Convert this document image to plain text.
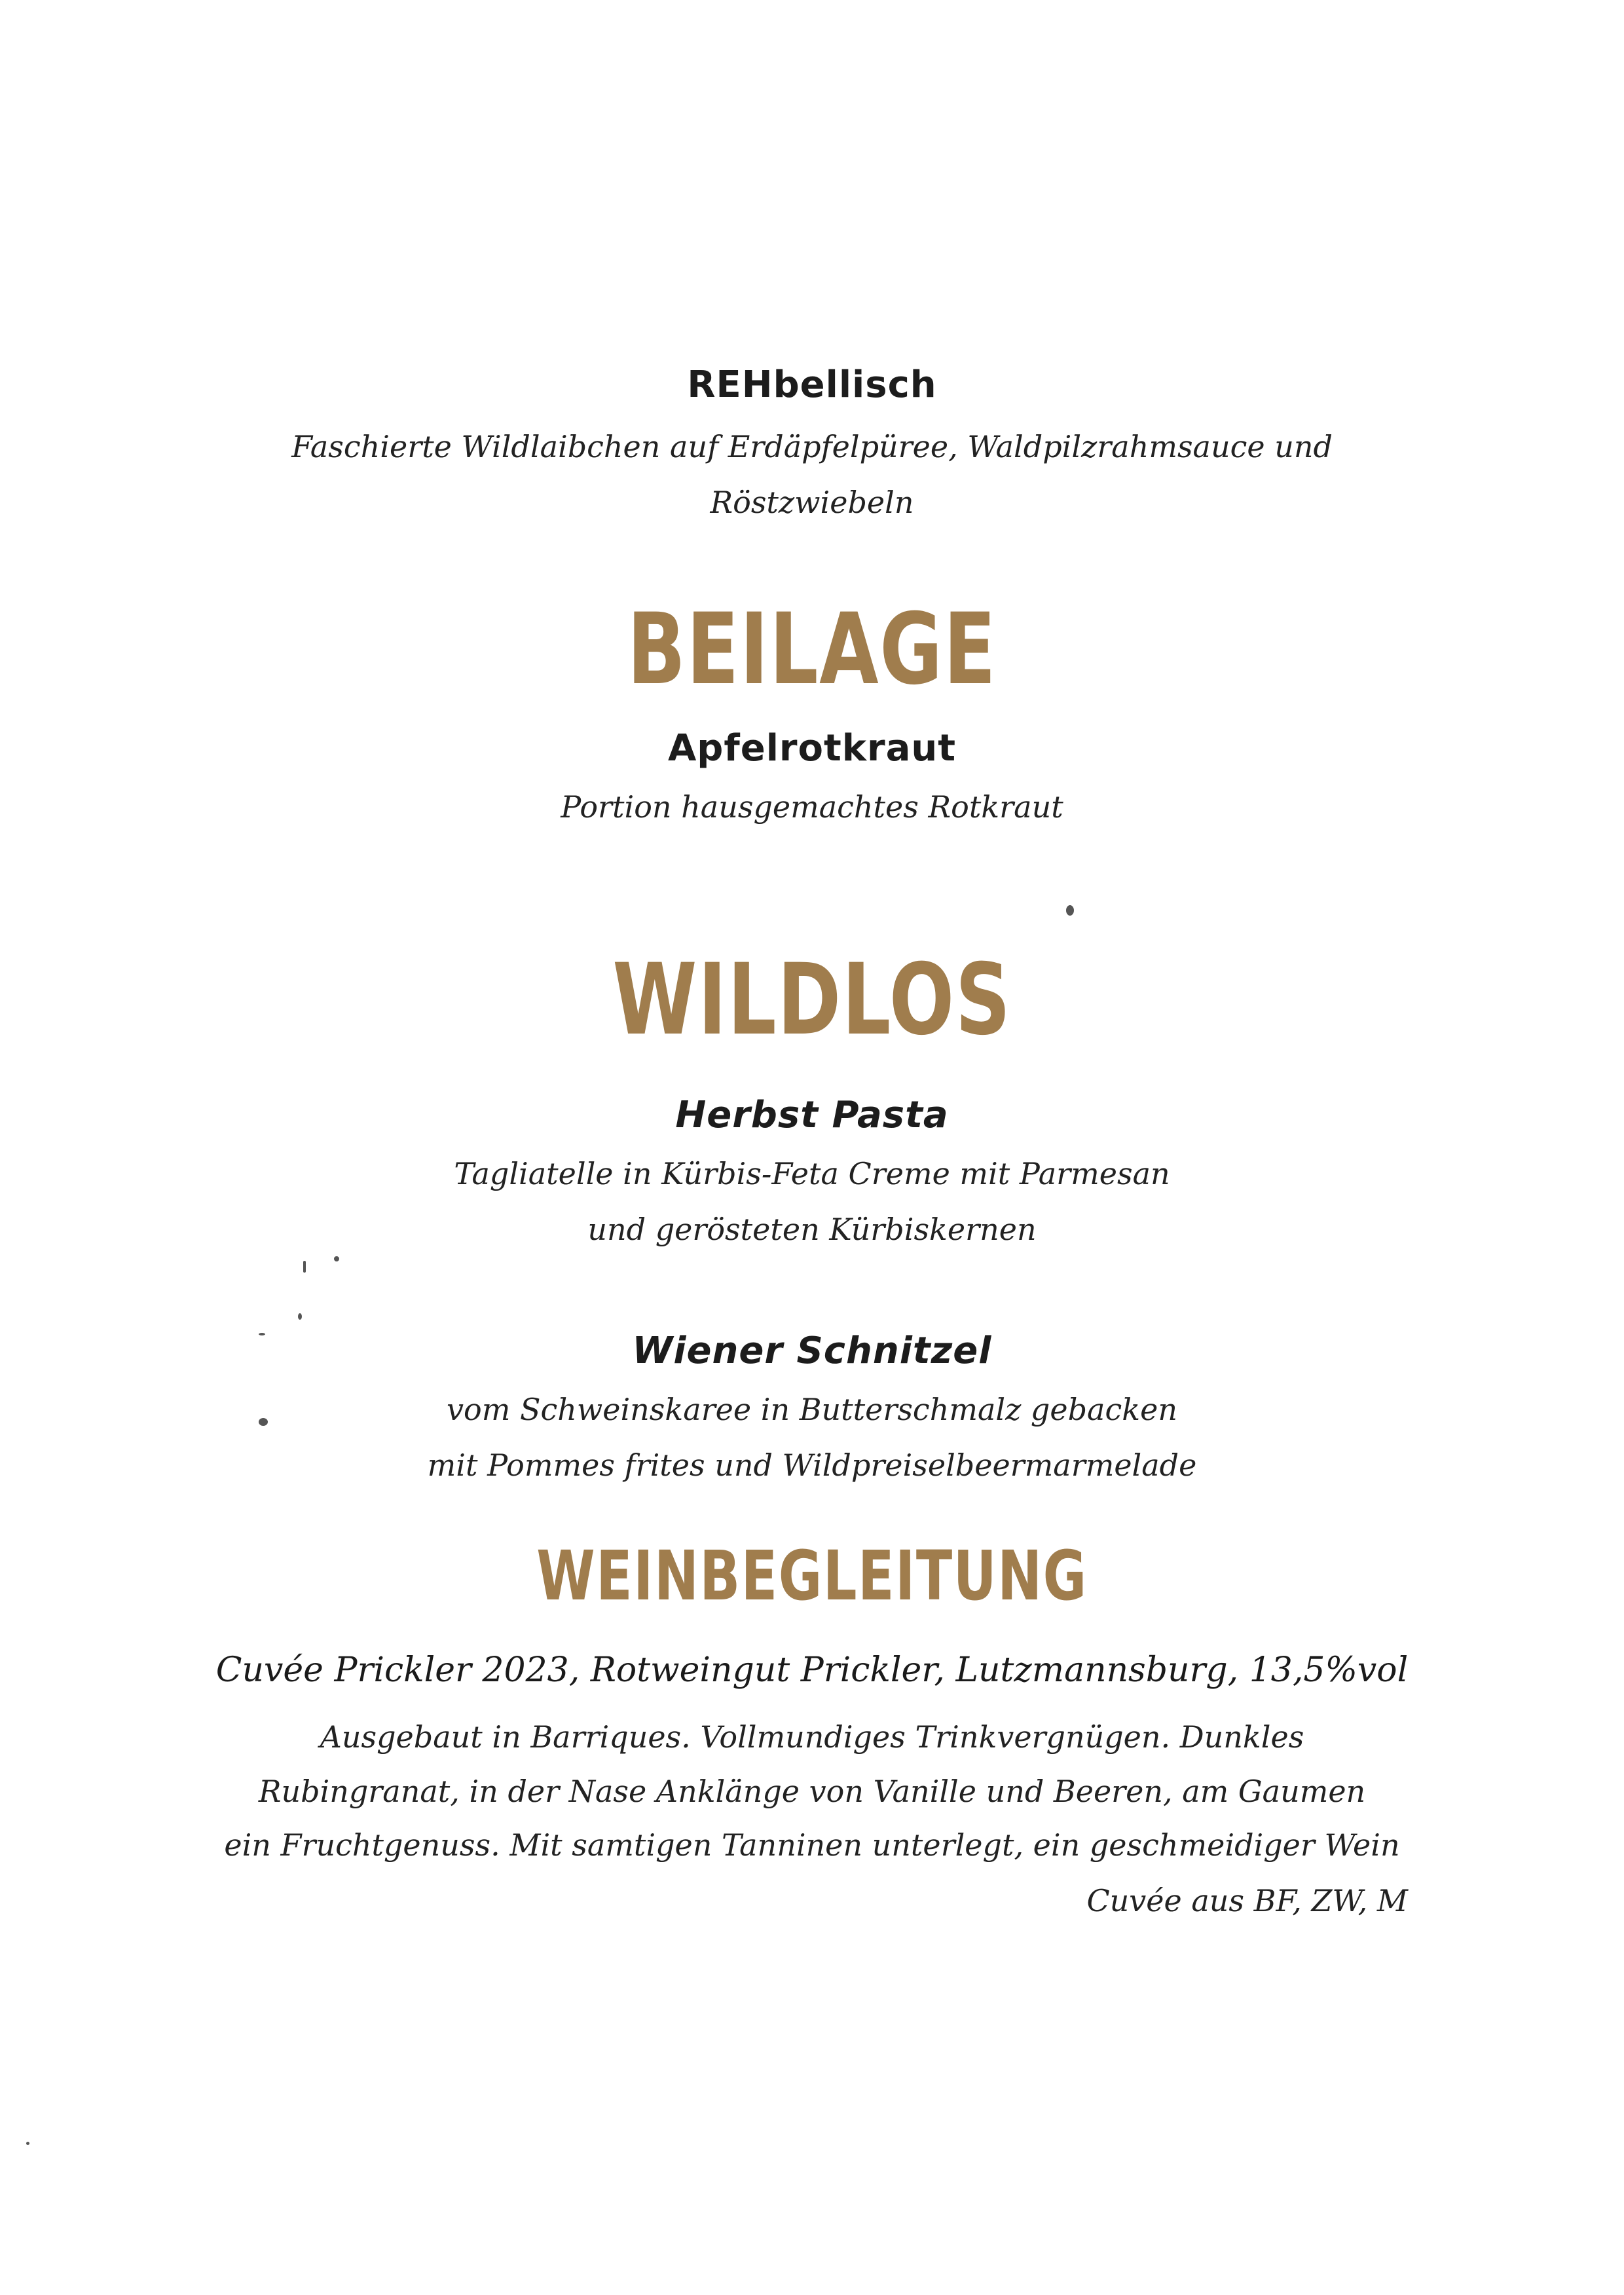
REHbellisch
Faschierte Wildlaibchen auf Erdäpfelpüree, Waldpilzrahmsauce und
Röstzwiebeln
BEILAGE
Apfelrotkraut
Portion hausgemachtes Rotkraut
WILDLOS
Herbst Pasta
Tagliatelle in Kürbis-Feta Creme mit Parmesan
und gerösteten Kürbiskernen
Wiener Schnitzel
vom Schweinskaree in Butterschmalz gebacken
mit Pommes frites und Wildpreiselbeermarmelade
WEINBEGLEITUNG
Cuvée Prickler 2023, Rotweingut Prickler, Lutzmannsburg, 13,5%vol
Ausgebaut in Barriques. Vollmundiges Trinkvergnügen. Dunkles
Rubingranat, in der Nase Anklänge von Vanille und Beeren, am Gaumen
ein Fruchtgenuss. Mit samtigen Tanninen unterlegt, ein geschmeidiger Wein
Cuvée aus BF, ZW, M
